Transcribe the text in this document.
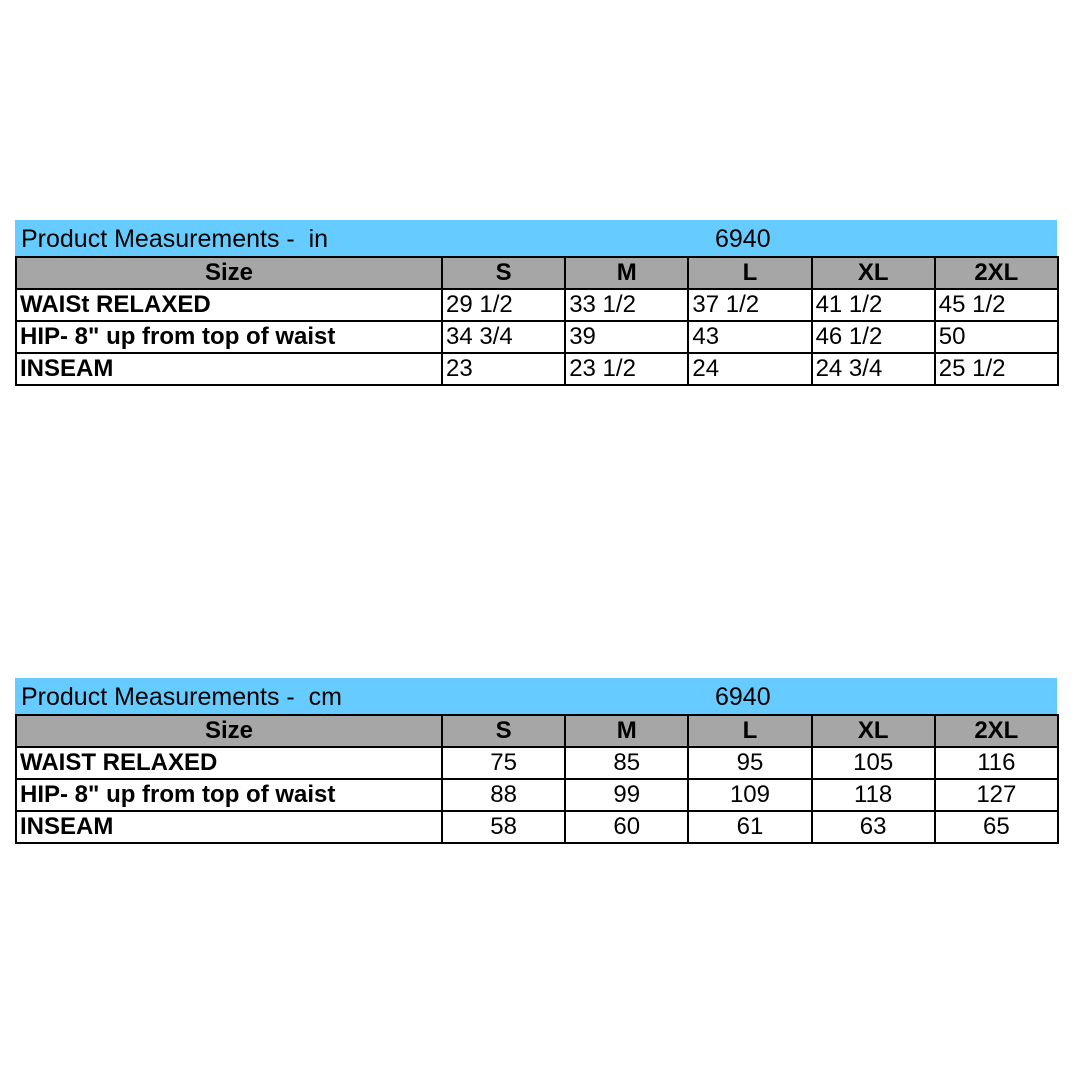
Product Measurements -  in	6940
Size	S	M	L	XL	2XL
WAISt RELAXED	29 1/2	33 1/2	37 1/2	41 1/2	45 1/2
HIP- 8" up from top of waist	34 3/4	39	43	46 1/2	50
INSEAM	23	23 1/2	24	24 3/4	25 1/2
Product Measurements -  cm	6940
Size	S	M	L	XL	2XL
WAIST RELAXED	75	85	95	105	116
HIP- 8" up from top of waist	88	99	109	118	127
INSEAM	58	60	61	63	65
